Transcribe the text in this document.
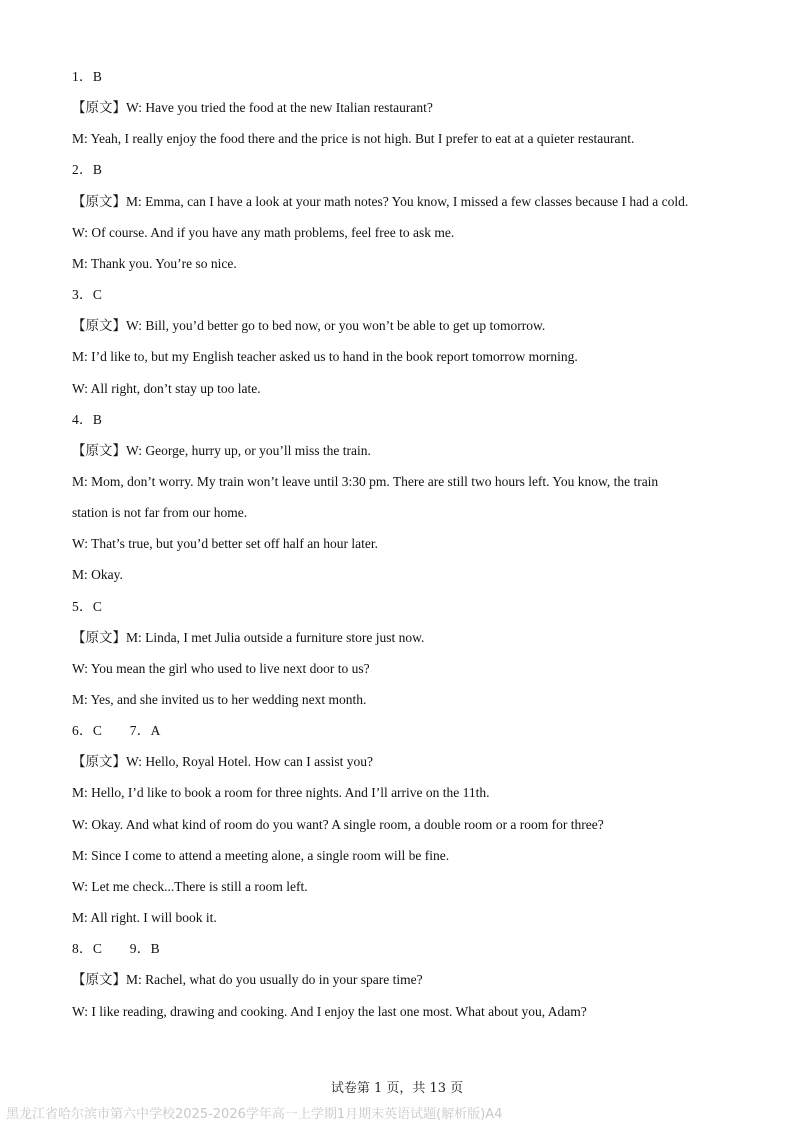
1．B
【原文】W: Have you tried the food at the new Italian restaurant?
M: Yeah, I really enjoy the food there and the price is not high. But I prefer to eat at a quieter restaurant.
2．B
【原文】M: Emma, can I have a look at your math notes? You know, I missed a few classes because I had a cold.
W: Of course. And if you have any math problems, feel free to ask me.
M: Thank you. You’re so nice.
3．C
【原文】W: Bill, you’d better go to bed now, or you won’t be able to get up tomorrow.
M: I’d like to, but my English teacher asked us to hand in the book report tomorrow morning.
W: All right, don’t stay up too late.
4．B
【原文】W: George, hurry up, or you’ll miss the train.
M: Mom, don’t worry. My train won’t leave until 3:30 pm. There are still two hours left. You know, the train
station is not far from our home.
W: That’s true, but you’d better set off half an hour later.
M: Okay.
5．C
【原文】M: Linda, I met Julia outside a furniture store just now.
W: You mean the girl who used to live next door to us?
M: Yes, and she invited us to her wedding next month.
6．C　　7．A
【原文】W: Hello, Royal Hotel. How can I assist you?
M: Hello, I’d like to book a room for three nights. And I’ll arrive on the 11th.
W: Okay. And what kind of room do you want? A single room, a double room or a room for three?
M: Since I come to attend a meeting alone, a single room will be fine.
W: Let me check...There is still a room left.
M: All right. I will book it.
8．C　　9．B
【原文】M: Rachel, what do you usually do in your spare time?
W: I like reading, drawing and cooking. And I enjoy the last one most. What about you, Adam?
试卷第 1 页，共 13 页
黑龙江省哈尔滨市第六中学校2025-2026学年高一上学期1月期末英语试题(解析版)A4
